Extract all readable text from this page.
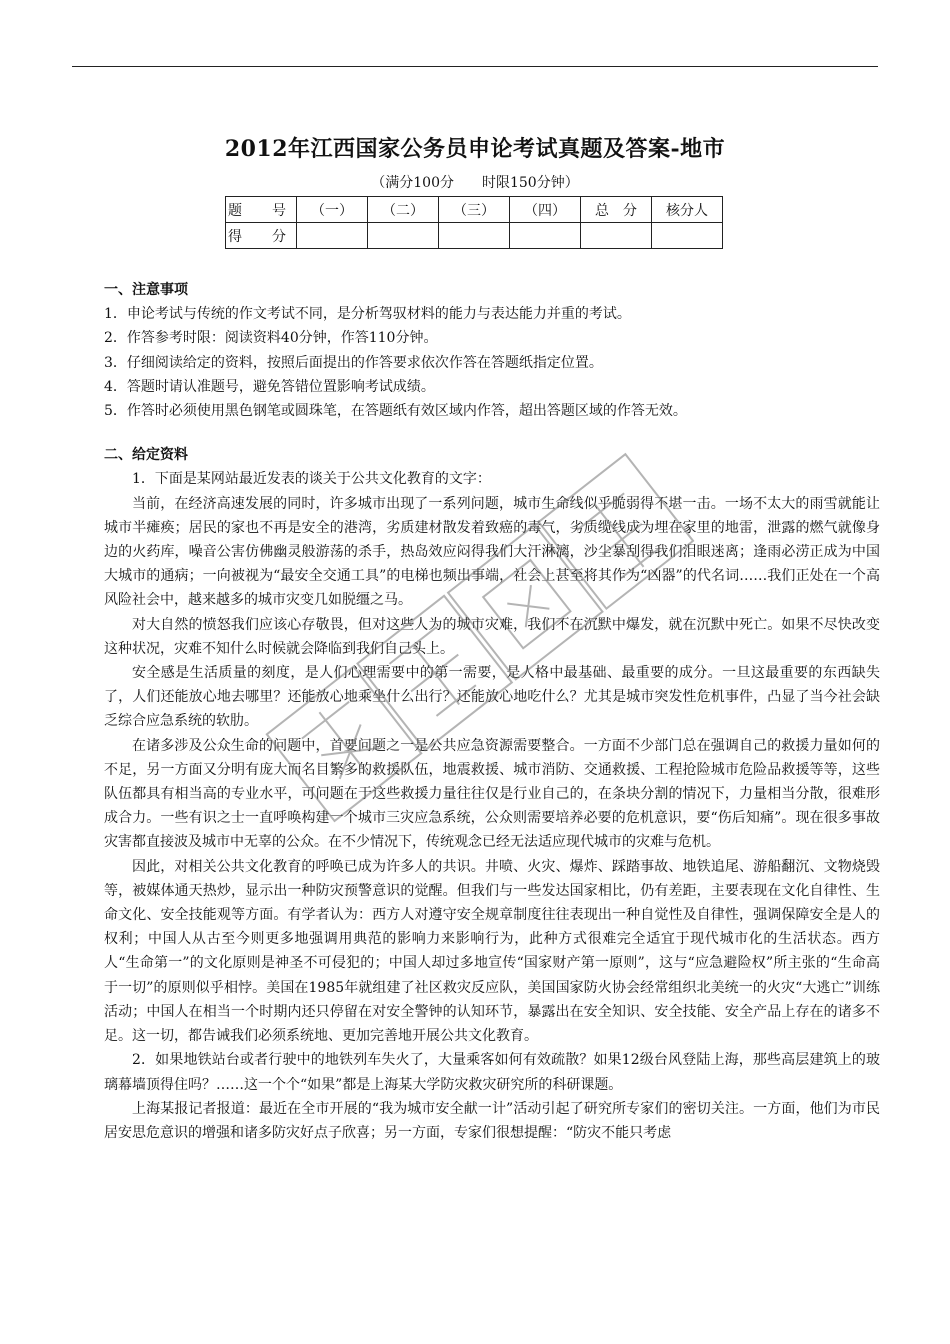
2012年江西国家公务员申论考试真题及答案-地市
（满分100分　　时限150分钟）
题　号	（一）	（二）	（三）	（四）	总　分	核分人
得　分						

一、注意事项

1．申论考试与传统的作文考试不同，是分析驾驭材料的能力与表达能力并重的考试。

2．作答参考时限：阅读资料40分钟，作答110分钟。

3．仔细阅读给定的资料，按照后面提出的作答要求依次作答在答题纸指定位置。

4．答题时请认准题号，避免答错位置影响考试成绩。

5．作答时必须使用黑色钢笔或圆珠笔，在答题纸有效区域内作答，超出答题区域的作答无效。

二、给定资料

1．下面是某网站最近发表的谈关于公共文化教育的文字：

当前，在经济高速发展的同时，许多城市出现了一系列问题，城市生命线似乎脆弱得不堪一击。一场不太大的雨雪就能让城市半瘫痪；居民的家也不再是安全的港湾，劣质建材散发着致癌的毒气，劣质缆线成为埋在家里的地雷，泄露的燃气就像身边的火药库，噪音公害仿佛幽灵般游荡的杀手，热岛效应闷得我们大汗淋漓，沙尘暴刮得我们泪眼迷离；逢雨必涝正成为中国大城市的通病；一向被视为“最安全交通工具”的电梯也频出事端，社会上甚至将其作为“凶器”的代名词……我们正处在一个高风险社会中，越来越多的城市灾变几如脱缰之马。

对大自然的愤怒我们应该心存敬畏，但对这些人为的城市灾难，我们不在沉默中爆发，就在沉默中死亡。如果不尽快改变这种状况，灾难不知什么时候就会降临到我们自己头上。

安全感是生活质量的刻度，是人们心理需要中的第一需要，是人格中最基础、最重要的成分。一旦这最重要的东西缺失了，人们还能放心地去哪里？还能放心地乘坐什么出行？还能放心地吃什么？尤其是城市突发性危机事件，凸显了当今社会缺乏综合应急系统的软肋。

在诸多涉及公众生命的问题中，首要问题之一是公共应急资源需要整合。一方面不少部门总在强调自己的救援力量如何的不足，另一方面又分明有庞大而名目繁多的救援队伍，地震救援、城市消防、交通救援、工程抢险城市危险品救援等等，这些队伍都具有相当高的专业水平，可问题在于这些救援力量往往仅是行业自己的，在条块分割的情况下，力量相当分散，很难形成合力。一些有识之士一直呼唤构建一个城市三灾应急系统，公众则需要培养必要的危机意识，要“伤后知痛”。现在很多事故灾害都直接波及城市中无辜的公众。在不少情况下，传统观念已经无法适应现代城市的灾难与危机。

因此，对相关公共文化教育的呼唤已成为许多人的共识。井喷、火灾、爆炸、踩踏事故、地铁追尾、游船翻沉、文物烧毁等，被媒体通天热炒，显示出一种防灾预警意识的觉醒。但我们与一些发达国家相比，仍有差距，主要表现在文化自律性、生命文化、安全技能观等方面。有学者认为：西方人对遵守安全规章制度往往表现出一种自觉性及自律性，强调保障安全是人的权利；中国人从古至今则更多地强调用典范的影响力来影响行为，此种方式很难完全适宜于现代城市化的生活状态。西方人“生命第一”的文化原则是神圣不可侵犯的；中国人却过多地宣传“国家财产第一原则”，这与“应急避险权”所主张的“生命高于一切”的原则似乎相悖。美国在1985年就组建了社区救灾反应队，美国国家防火协会经常组织北美统一的火灾“大逃亡”训练活动；中国人在相当一个时期内还只停留在对安全警钟的认知环节，暴露出在安全知识、安全技能、安全产品上存在的诸多不足。这一切，都告诫我们必须系统地、更加完善地开展公共文化教育。

2．如果地铁站台或者行驶中的地铁列车失火了，大量乘客如何有效疏散？如果12级台风登陆上海，那些高层建筑上的玻璃幕墙顶得住吗？……这一个个“如果”都是上海某大学防灾救灾研究所的科研课题。

上海某报记者报道：最近在全市开展的“我为城市安全献一计”活动引起了研究所专家们的密切关注。一方面，他们为市民居安思危意识的增强和诸多防灾好点子欣喜；另一方面，专家们很想提醒：“防灾不能只考虑
